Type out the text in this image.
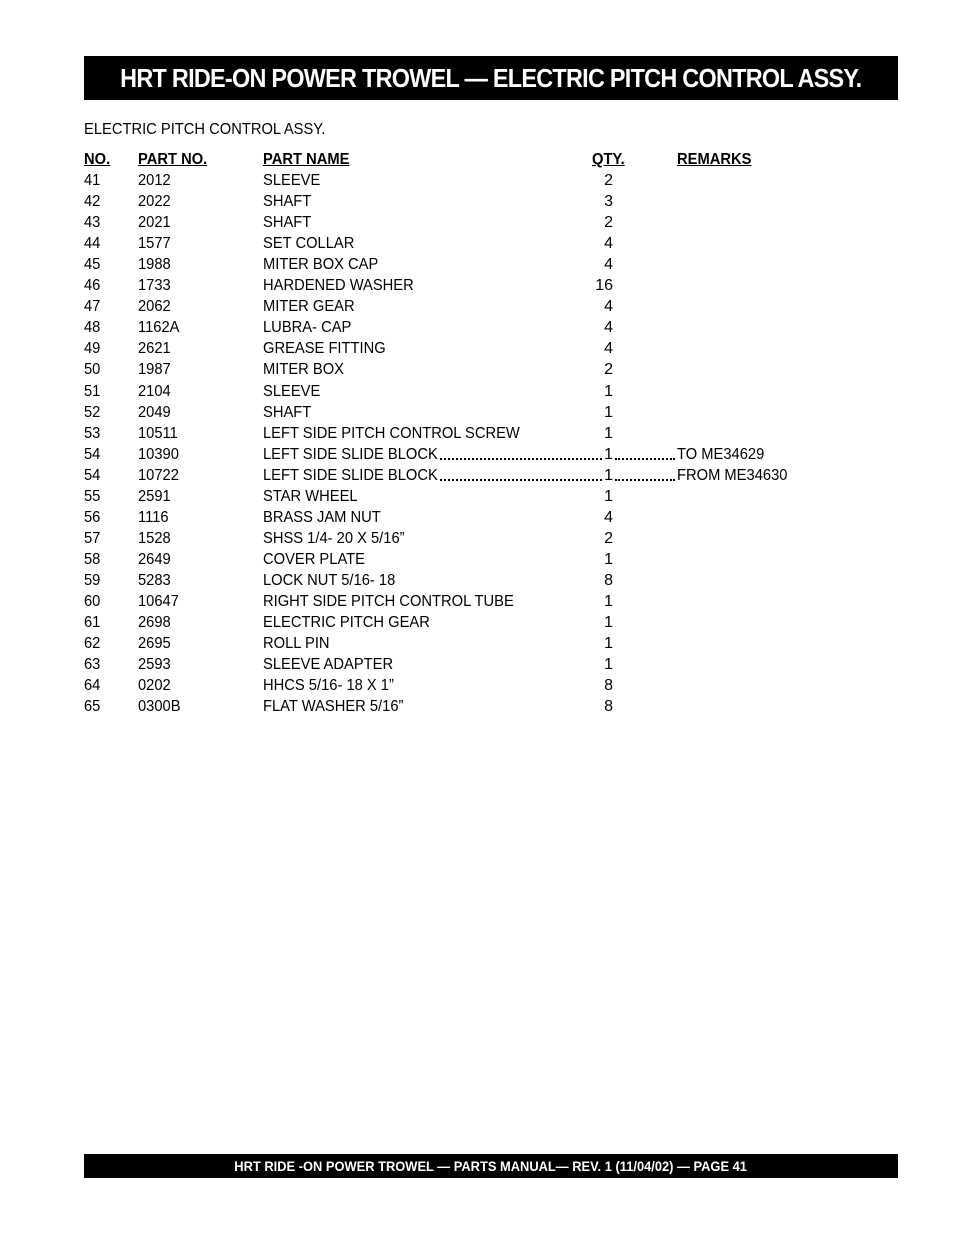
HRT RIDE-ON POWER TROWEL — ELECTRIC PITCH CONTROL ASSY.
ELECTRIC PITCH CONTROL ASSY.
NO. PART NO.	PART NAME	QTY.	REMARKS
41 2012	SLEEVE	2
42 2022	SHAFT	3
43 2021	SHAFT	2
44 1577	SET COLLAR	4
45 1988	MITER BOX CAP	4
46 1733	HARDENED WASHER	16
47 2062	MITER GEAR	4
48 1162A	LUBRA- CAP	4
49 2621	GREASE FITTING	4
50 1987	MITER BOX	2
51 2104	SLEEVE	1
52 2049	SHAFT	1
53 10511	LEFT SIDE PITCH CONTROL SCREW	1
54 10390	LEFT SIDE SLIDE BLOCK	1	TO ME34629
54 10722	LEFT SIDE SLIDE BLOCK	1	FROM ME34630
55 2591	STAR WHEEL	1
56 1116	BRASS JAM NUT	4
57 1528	SHSS 1/4- 20 X 5/16”	2
58 2649	COVER PLATE	1
59 5283	LOCK NUT 5/16- 18	8
60 10647	RIGHT SIDE PITCH CONTROL TUBE	1
61 2698	ELECTRIC PITCH GEAR	1
62 2695	ROLL PIN	1
63 2593	SLEEVE ADAPTER	1
64 0202	HHCS 5/16- 18 X 1”	8
65 0300B	FLAT WASHER 5/16”	8
HRT RIDE -ON POWER TROWEL — PARTS MANUAL— REV. 1 (11/04/02) — PAGE 41
